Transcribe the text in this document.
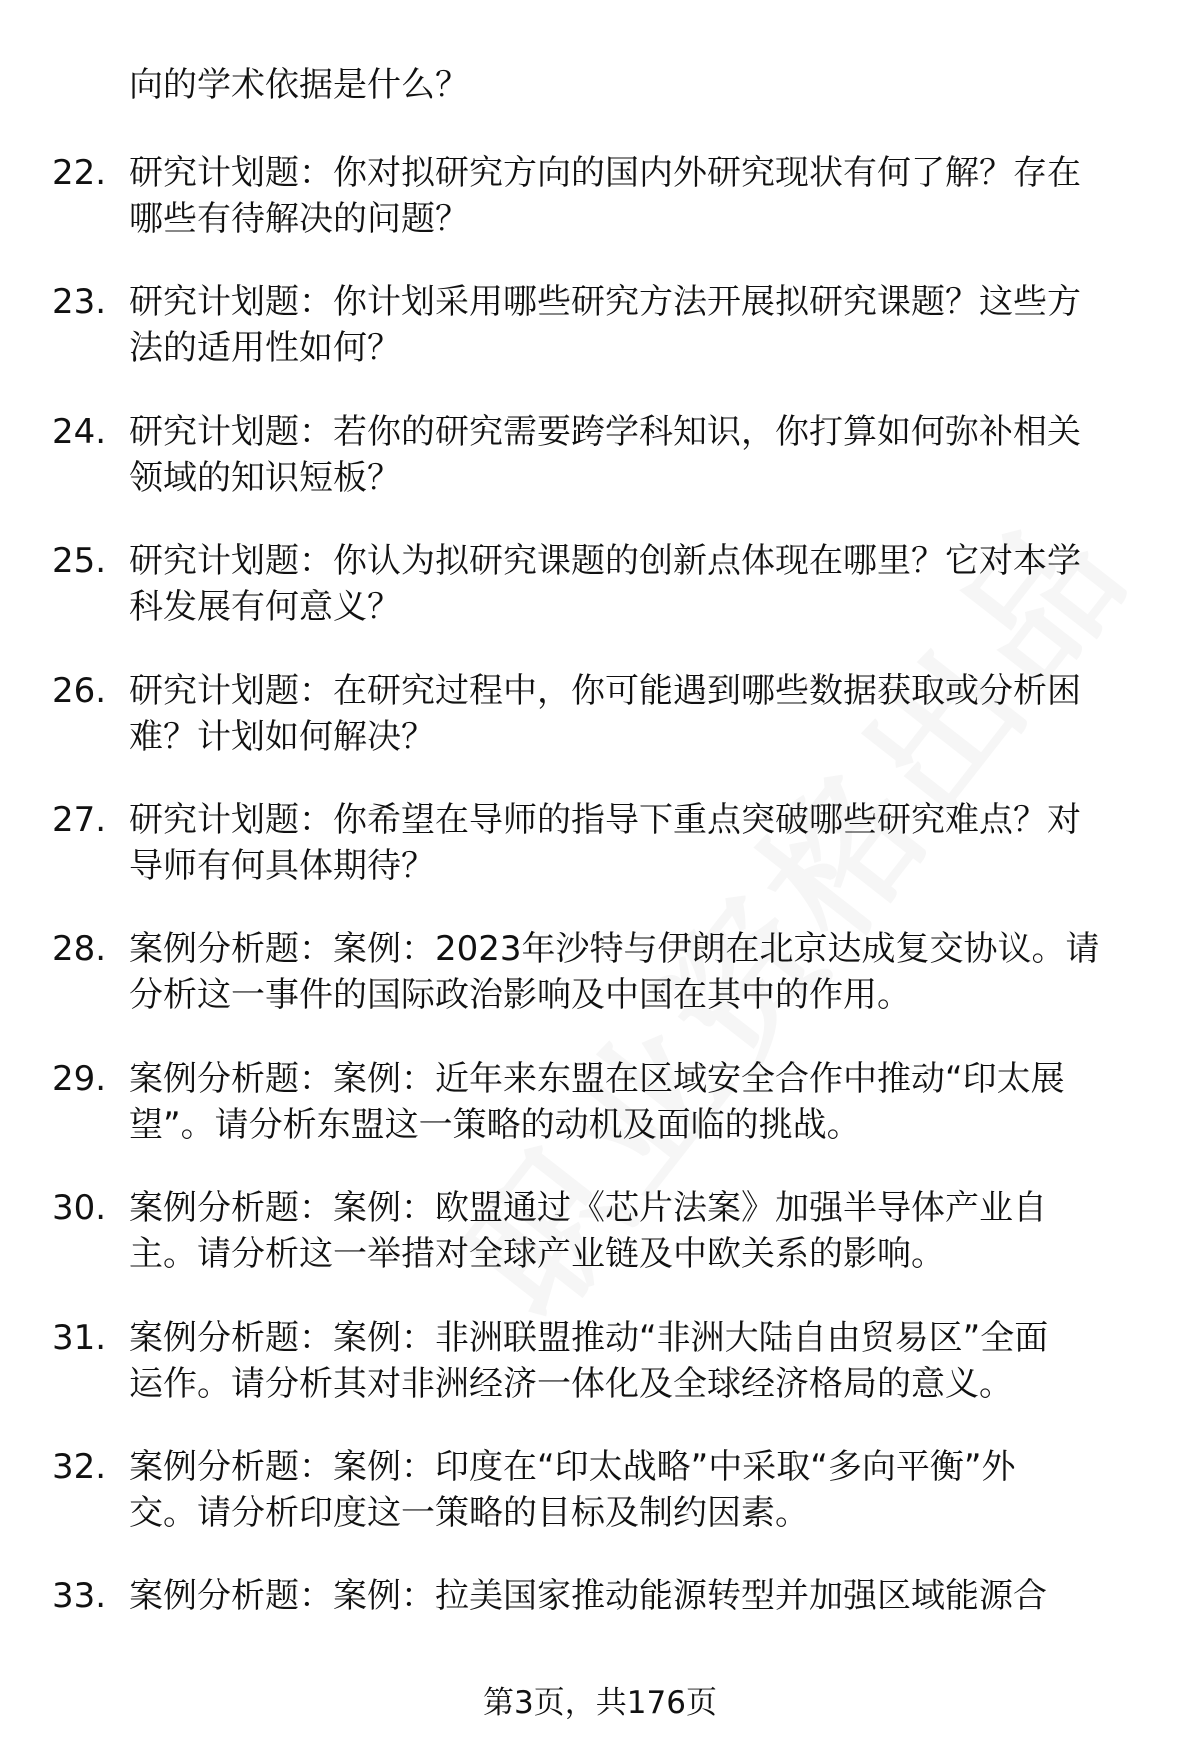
向的学术依据是什么？
22. 研究计划题：你对拟研究方向的国内外研究现状有何了解？存在
哪些有待解决的问题？
23. 研究计划题：你计划采用哪些研究方法开展拟研究课题？这些方
法的适用性如何？
24. 研究计划题：若你的研究需要跨学科知识，你打算如何弥补相关
领域的知识短板？
25. 研究计划题：你认为拟研究课题的创新点体现在哪里？它对本学
科发展有何意义？
26. 研究计划题：在研究过程中，你可能遇到哪些数据获取或分析困
难？计划如何解决？
27. 研究计划题：你希望在导师的指导下重点突破哪些研究难点？对
导师有何具体期待？
28. 案例分析题：案例：2023年沙特与伊朗在北京达成复交协议。请
分析这一事件的国际政治影响及中国在其中的作用。
29. 案例分析题：案例：近年来东盟在区域安全合作中推动“印太展
望”。请分析东盟这一策略的动机及面临的挑战。
30. 案例分析题：案例：欧盟通过《芯片法案》加强半导体产业自
主。请分析这一举措对全球产业链及中欧关系的影响。
31. 案例分析题：案例：非洲联盟推动“非洲大陆自由贸易区”全面
运作。请分析其对非洲经济一体化及全球经济格局的意义。
32. 案例分析题：案例：印度在“印太战略”中采取“多向平衡”外
交。请分析印度这一策略的目标及制约因素。
33. 案例分析题：案例：拉美国家推动能源转型并加强区域能源合
第3页，共176页
